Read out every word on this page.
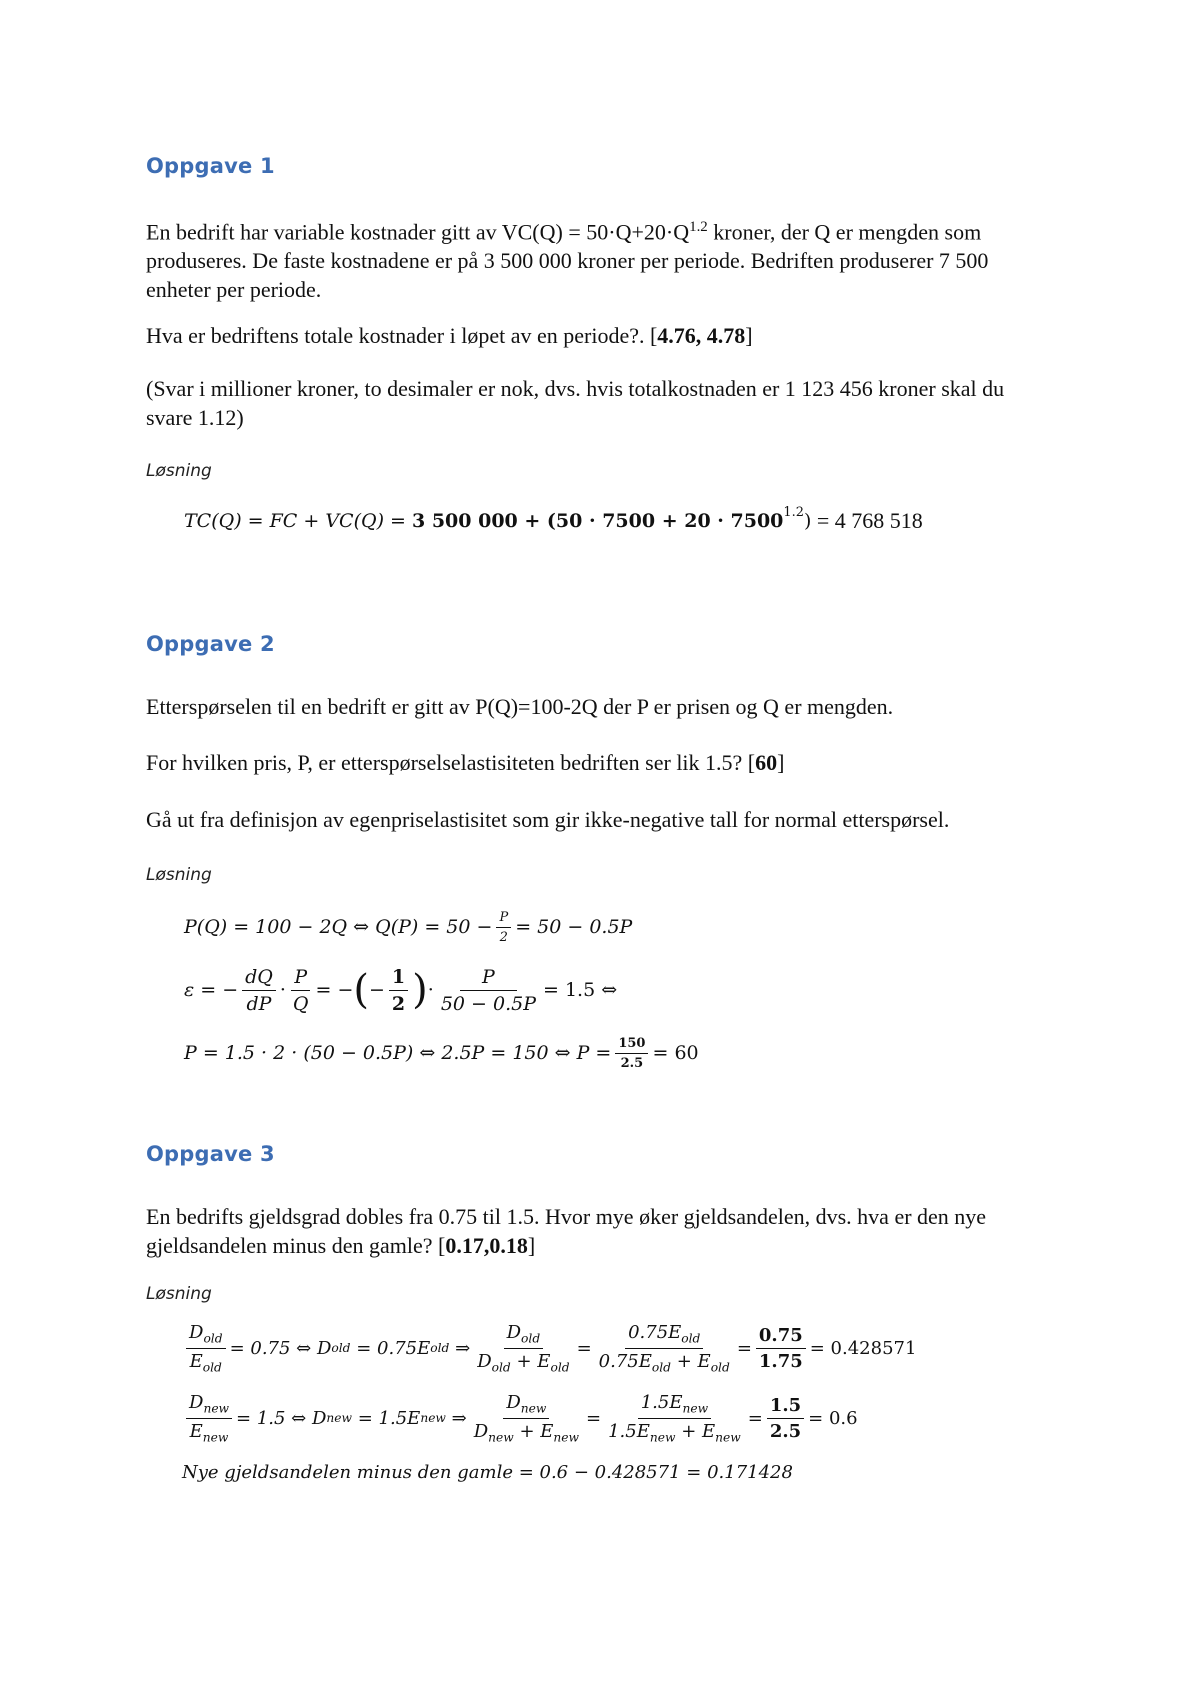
Oppgave 1

En bedrift har variable kostnader gitt av $VC(Q) = 50\cdot Q+20\cdot Q^{1.2}$ kroner, der Q er mengden som produseres. De faste kostnadene er på 3 500 000 kroner per periode. Bedriften produserer 7 500 enheter per periode.

Hva er bedriftens totale kostnader i løpet av en periode?. [4.76, 4.78]

(Svar i millioner kroner, to desimaler er nok, dvs. hvis totalkostnaden er 1 123 456 kroner skal du svare 1.12)

Løsning

TC(Q) = FC + VC(Q) = 3 500 $000 + (50 \cdot 7500 + 20 \cdot 7500^{1.2}$ ) = 4 768 518
Oppgave 2

Etterspørselen til en bedrift er gitt av P(Q)=100-2Q der P er prisen og Q er mengden.

For hvilken pris, P, er etterspørselselastisiteten bedriften ser lik 1.5? [60]

Gå ut fra definisjon av egenpriselastisitet som gir ikke-negative tall for normal etterspørsel.

Løsning

P(Q) = 100 − 2Q ⇔ $Q(P) = 50 - \frac{P}{2} = 50 - 0.5P$
ε = − $\frac{dQ}{dP} \cdot \frac{P}{Q}$ = − ( − $\frac{1}{2}$ ) · $\frac{P}{50 - 0.5P} = 1.5$ ⇔
P = 1.5 · 2 · (50 − 0.5P) ⇔ 2.5P = 150 ⇔ $P = \frac{150}{2.5} = 60$
Oppgave 3

En bedrifts gjeldsgrad dobles fra 0.75 til 1.5. Hvor mye øker gjeldsandelen, dvs. hva er den nye gjeldsandelen minus den gamle? [0.17,0.18]

Løsning

$\frac{D_{old}}{E_{old}} = 0.75$ ⇔ D old = 0.75E old ⇒ $\frac{D_{old}}{D_{old} + E_{old}} = \frac{0.75E_{old}}{0.75E_{old} + E_{old}} = \frac{0.75}{1.75} = 0.428571$
$\frac{D_{new}}{E_{new}} = 1.5$ ⇔ D new = 1.5E new ⇒ $\frac{D_{new}}{D_{new} + E_{new}} = \frac{1.5E_{new}}{1.5E_{new} + E_{new}} = \frac{1.5}{2.5} = 0.6$
Nye gjeldsandelen minus den gamle = 0.6 − 0.428571 = 0.171428
